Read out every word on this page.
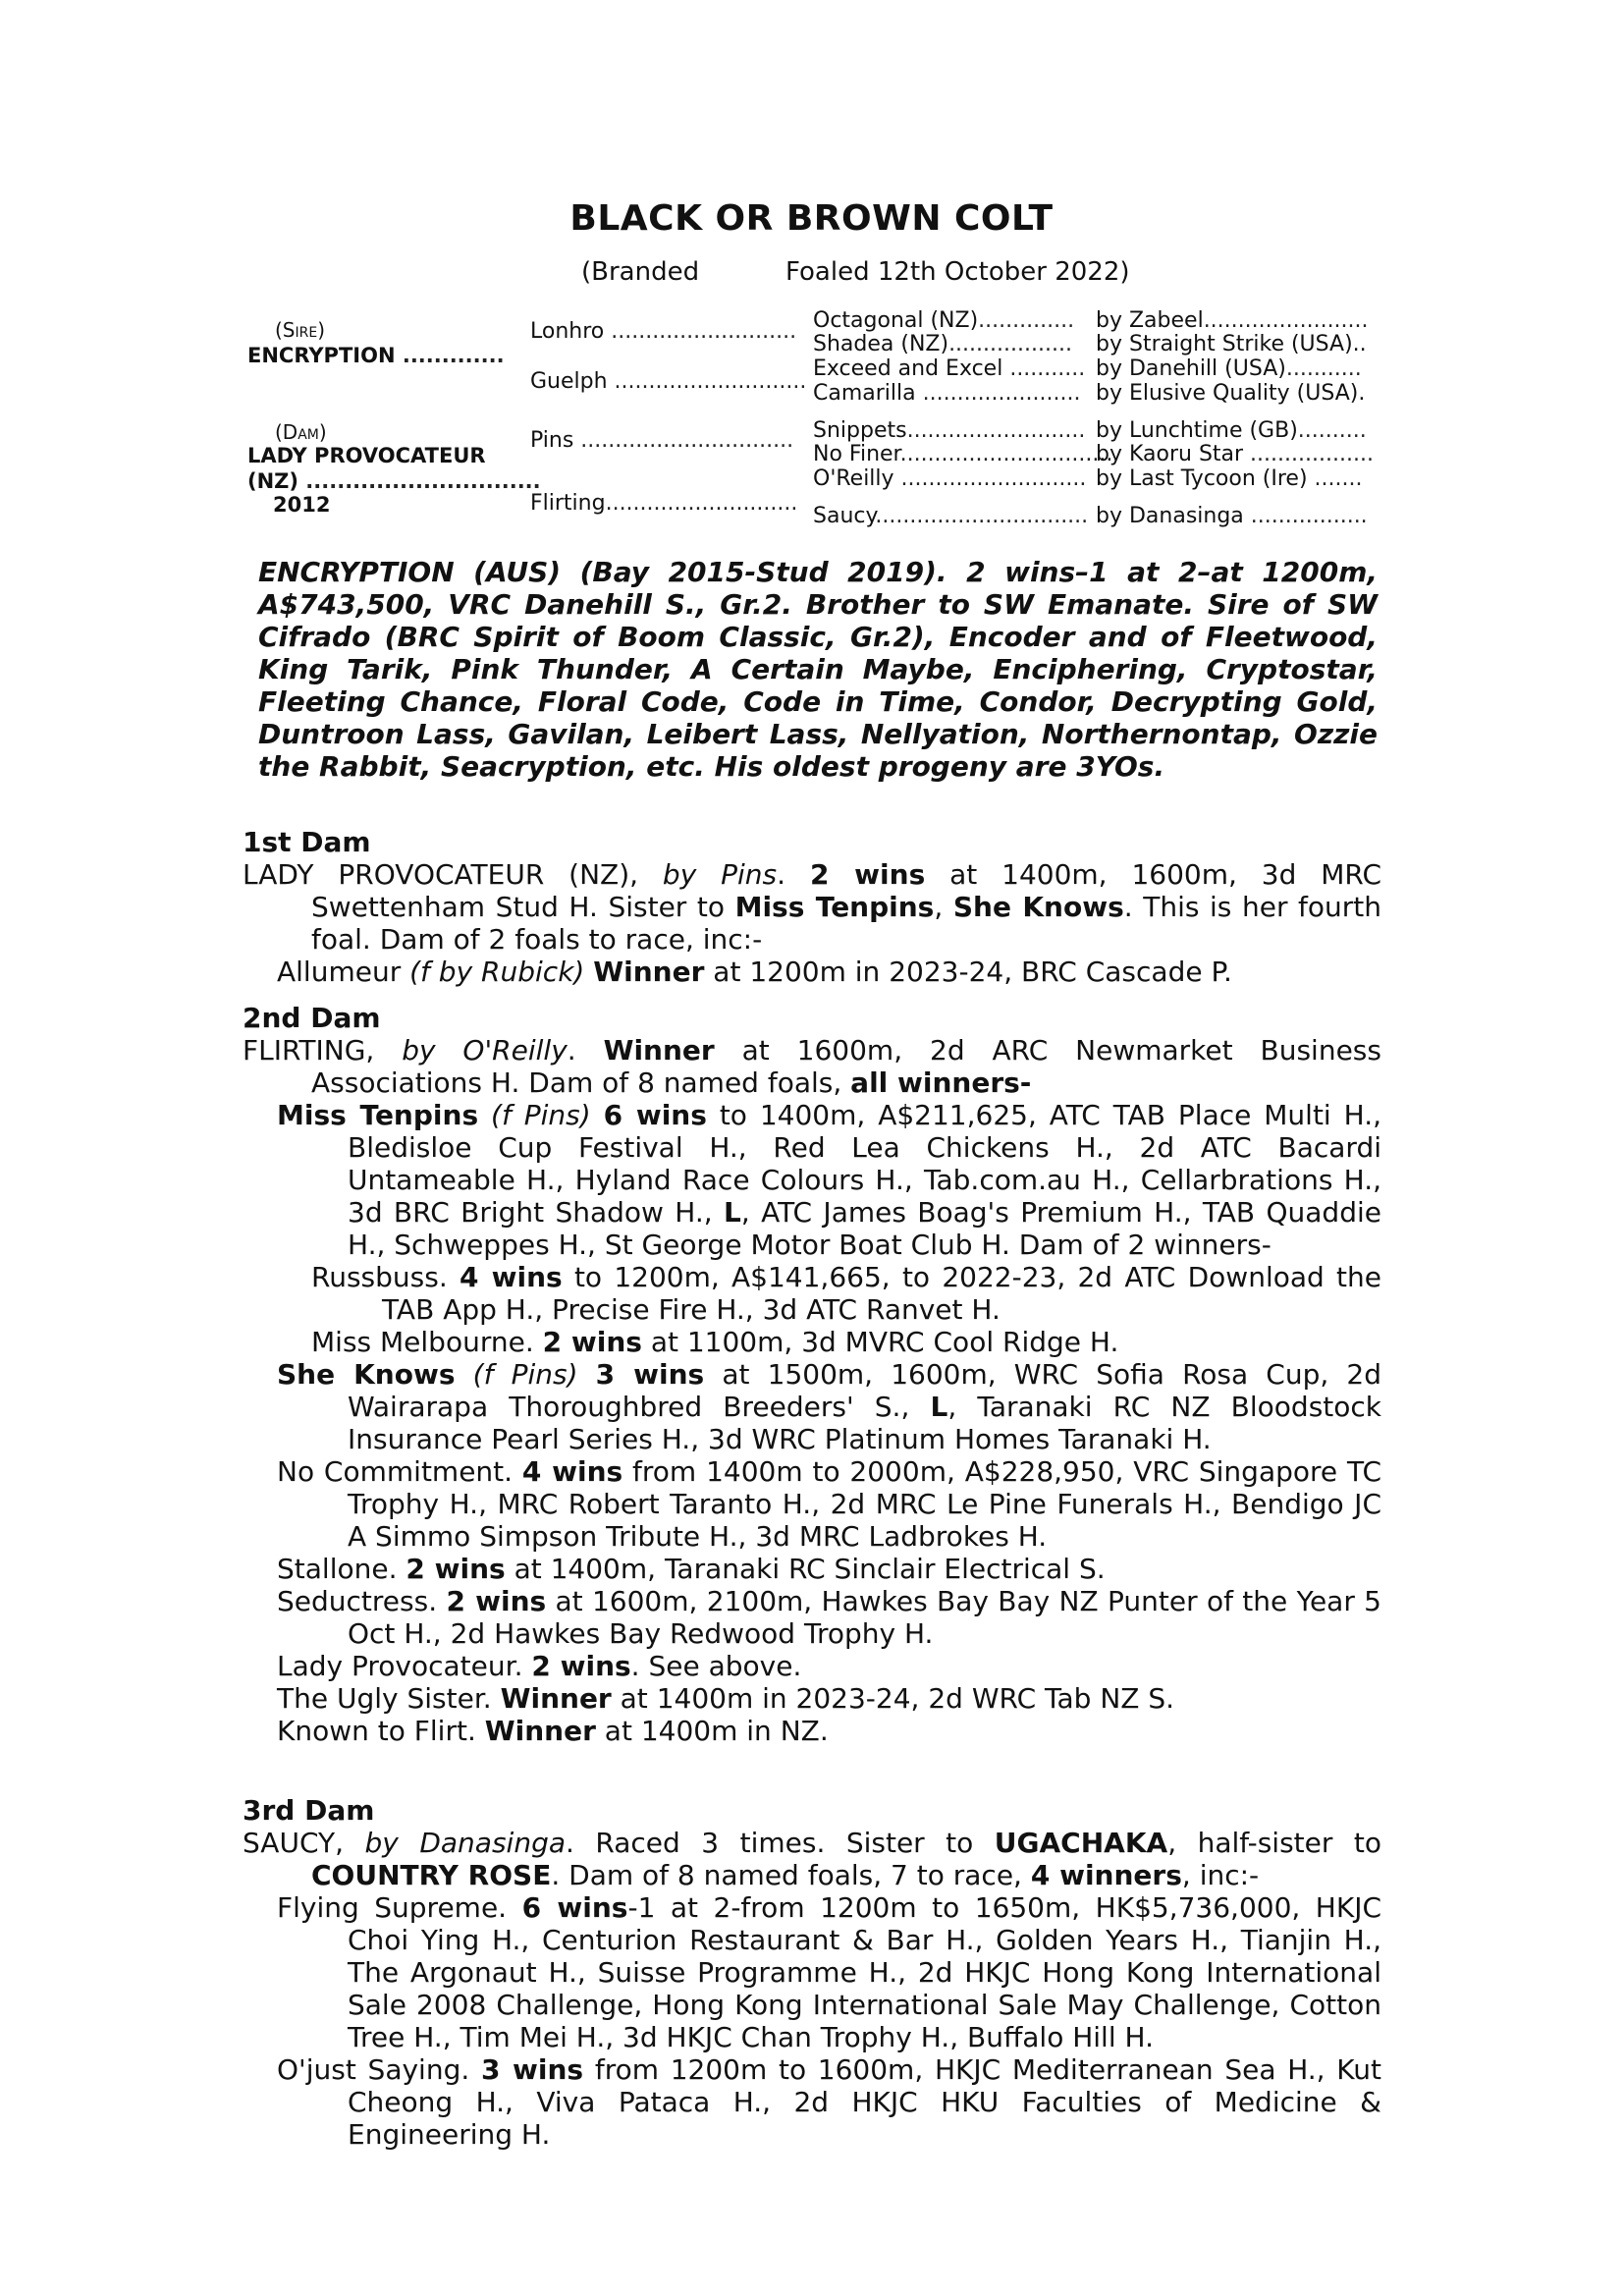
BLACK OR BROWN COLT
(Branded	Foaled 12th October 2022)
(Sire)
ENCRYPTION .............
(Dam)
LADY PROVOCATEUR
(NZ) ..............................
2012
Lonhro ...........................
Guelph ............................
Pins ...............................
Flirting............................
Octagonal (NZ)..............
Shadea (NZ)..................
Exceed and Excel ...........
Camarilla .......................
Snippets..........................
No Finer...............................
O'Reilly ...........................
Saucy...............................
by Zabeel........................
by Straight Strike (USA)..
by Danehill (USA)...........
by Elusive Quality (USA).
by Lunchtime (GB)..........
by Kaoru Star ..................
by Last Tycoon (Ire) .......
by Danasinga .................
ENCRYPTION (AUS) (Bay 2015-Stud 2019). 2 wins–1 at 2–at 1200m, A$743,500, VRC Danehill S., Gr.2. Brother to SW Emanate. Sire of SW Cifrado (BRC Spirit of Boom Classic, Gr.2), Encoder and of Fleetwood, King Tarik, Pink Thunder, A Certain Maybe, Enciphering, Cryptostar, Fleeting Chance, Floral Code, Code in Time, Condor, Decrypting Gold, Duntroon Lass, Gavilan, Leibert Lass, Nellyation, Northernontap, Ozzie the Rabbit, Seacryption, etc. His oldest progeny are 3YOs.
1st Dam

LADY PROVOCATEUR (NZ), by Pins. 2 wins at 1400m, 1600m, 3d MRC Swettenham Stud H. Sister to Miss Tenpins, She Knows. This is her fourth foal. Dam of 2 foals to race, inc:-

Allumeur (f by Rubick) Winner at 1200m in 2023-24, BRC Cascade P.

2nd Dam

FLIRTING, by O'Reilly. Winner at 1600m, 2d ARC Newmarket Business Associations H. Dam of 8 named foals, all winners-

Miss Tenpins (f Pins) 6 wins to 1400m, A$211,625, ATC TAB Place Multi H., Bledisloe Cup Festival H., Red Lea Chickens H., 2d ATC Bacardi Untameable H., Hyland Race Colours H., Tab.com.au H., Cellarbrations H., 3d BRC Bright Shadow H., L, ATC James Boag's Premium H., TAB Quaddie H., Schweppes H., St George Motor Boat Club H. Dam of 2 winners-

Russbuss. 4 wins to 1200m, A$141,665, to 2022-23, 2d ATC Download the TAB App H., Precise Fire H., 3d ATC Ranvet H.

Miss Melbourne. 2 wins at 1100m, 3d MVRC Cool Ridge H.

She Knows (f Pins) 3 wins at 1500m, 1600m, WRC Sofia Rosa Cup, 2d Wairarapa Thoroughbred Breeders' S., L, Taranaki RC NZ Bloodstock Insurance Pearl Series H., 3d WRC Platinum Homes Taranaki H.

No Commitment. 4 wins from 1400m to 2000m, A$228,950, VRC Singapore TC Trophy H., MRC Robert Taranto H., 2d MRC Le Pine Funerals H., Bendigo JC A Simmo Simpson Tribute H., 3d MRC Ladbrokes H.

Stallone. 2 wins at 1400m, Taranaki RC Sinclair Electrical S.

Seductress. 2 wins at 1600m, 2100m, Hawkes Bay Bay NZ Punter of the Year 5 Oct H., 2d Hawkes Bay Redwood Trophy H.

Lady Provocateur. 2 wins. See above.

The Ugly Sister. Winner at 1400m in 2023-24, 2d WRC Tab NZ S.

Known to Flirt. Winner at 1400m in NZ.

3rd Dam

SAUCY, by Danasinga. Raced 3 times. Sister to UGACHAKA, half-sister to COUNTRY ROSE. Dam of 8 named foals, 7 to race, 4 winners, inc:-

Flying Supreme. 6 wins-1 at 2-from 1200m to 1650m, HK$5,736,000, HKJC Choi Ying H., Centurion Restaurant & Bar H., Golden Years H., Tianjin H., The Argonaut H., Suisse Programme H., 2d HKJC Hong Kong International Sale 2008 Challenge, Hong Kong International Sale May Challenge, Cotton Tree H., Tim Mei H., 3d HKJC Chan Trophy H., Buffalo Hill H.

O'just Saying. 3 wins from 1200m to 1600m, HKJC Mediterranean Sea H., Kut Cheong H., Viva Pataca H., 2d HKJC HKU Faculties of Medicine & Engineering H.
